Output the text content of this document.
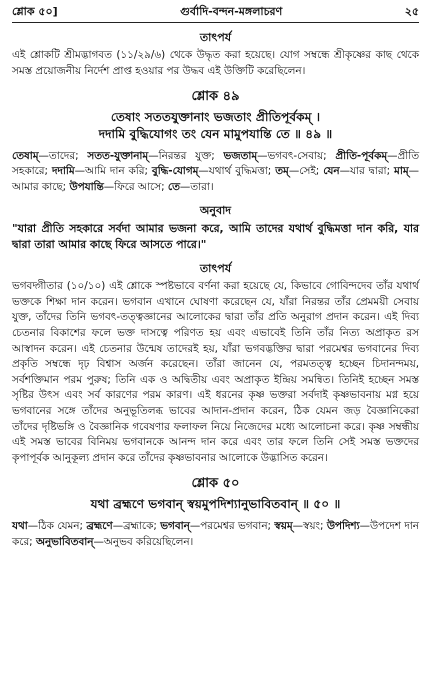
শ্লোক ৫০]	গুর্বাদি-বন্দন-মঙ্গলাচরণ	২৫
তাৎপর্য
এই শ্লোকটি শ্রীমদ্ভাগবত (১১/২৯/৬) থেকে উদ্ধৃত করা হয়েছে। যোগ সম্বন্ধে শ্রীকৃষ্ণের কাছ থেকে সমস্ত প্রয়োজনীয় নির্দেশ প্রাপ্ত হওয়ার পর উদ্ধব এই উক্তিটি করেছিলেন।
শ্লোক ৪৯
তেষাং সততযুক্তানাং ভজতাং প্রীতিপূর্বকম্ ।
দদামি বুদ্ধিযোগং তং যেন মামুপযান্তি তে ॥ ৪৯ ॥
তেষাম্—তাদের; সতত-যুক্তানাম্—নিরন্তর যুক্ত; ভজতাম্—ভগবৎ-সেবায়; প্রীতি-পূর্বকম্—প্রীতি সহকারে; দদামি—আমি দান করি; বুদ্ধি-যোগম্—যথার্থ বুদ্ধিমত্তা; তম্—সেই; যেন—যার দ্বারা; মাম্—আমার কাছে; উপযান্তি—ফিরে আসে; তে—তারা।
অনুবাদ
"যারা প্রীতি সহকারে সর্বদা আমার ভজনা করে, আমি তাদের যথার্থ বুদ্ধিমত্তা দান করি, যার দ্বারা তারা আমার কাছে ফিরে আসতে পারে।"
তাৎপর্য
ভগবদ্গীতার (১০/১০) এই শ্লোকে স্পষ্টভাবে বর্ণনা করা হয়েছে যে, কিভাবে গোবিন্দদেব তাঁর যথার্থ ভক্তকে শিক্ষা দান করেন। ভগবান এখানে ঘোষণা করেছেন যে, যাঁরা নিরন্তর তাঁর প্রেমময়ী সেবায় যুক্ত, তাঁদের তিনি ভগবৎ-তত্ত্বজ্ঞানের আলোকের দ্বারা তাঁর প্রতি অনুরাগ প্রদান করেন। এই দিব্য চেতনার বিকাশের ফলে ভক্ত দাসত্বে পরিণত হয় এবং এভাবেই তিনি তাঁর নিত্য অপ্রাকৃত রস আস্বাদন করেন। এই চেতনার উন্মেষ তাদেরই হয়, যাঁরা ভগবদ্ভক্তির দ্বারা পরমেশ্বর ভগবানের দিব্য প্রকৃতি সম্বন্ধে দৃঢ় বিশ্বাস অর্জন করেছেন। তাঁরা জানেন যে, পরমতত্ত্ব হচ্ছেন চিদানন্দময়, সর্বশক্তিমান পরম পুরুষ; তিনি এক ও অদ্বিতীয় এবং অপ্রাকৃত ইন্দ্রিয় সমন্বিত। তিনিই হচ্ছেন সমস্ত সৃষ্টির উৎস এবং সর্ব কারণের পরম কারণ। এই ধরনের কৃষ্ণ ভক্তরা সর্বদাই কৃষ্ণভাবনায় মগ্ন হয়ে ভগবানের সঙ্গে তাঁদের অনুভূতিলব্ধ ভাবের আদান-প্রদান করেন, ঠিক যেমন জড় বৈজ্ঞানিকেরা তাঁদের দৃষ্টিভঙ্গি ও বৈজ্ঞানিক গবেষণার ফলাফল নিয়ে নিজেদের মধ্যে আলোচনা করে। কৃষ্ণ সম্বন্ধীয় এই সমস্ত ভাবের বিনিময় ভগবানকে আনন্দ দান করে এবং তার ফলে তিনি সেই সমস্ত ভক্তদের কৃপাপূর্বক আনুকূল্য প্রদান করে তাঁদের কৃষ্ণভাবনার আলোকে উদ্ভাসিত করেন।
শ্লোক ৫০
যথা ব্রহ্মণে ভগবান্ স্বয়মুপদিশ্যানুভাবিতবান্ ॥ ৫০ ॥
যথা—ঠিক যেমন; ব্রহ্মণে—ব্রহ্মাকে; ভগবান্—পরমেশ্বর ভগবান; স্বয়ম্—স্বয়ং; উপদিশ্য—উপদেশ দান করে; অনুভাবিতবান্—অনুভব করিয়েছিলেন।
